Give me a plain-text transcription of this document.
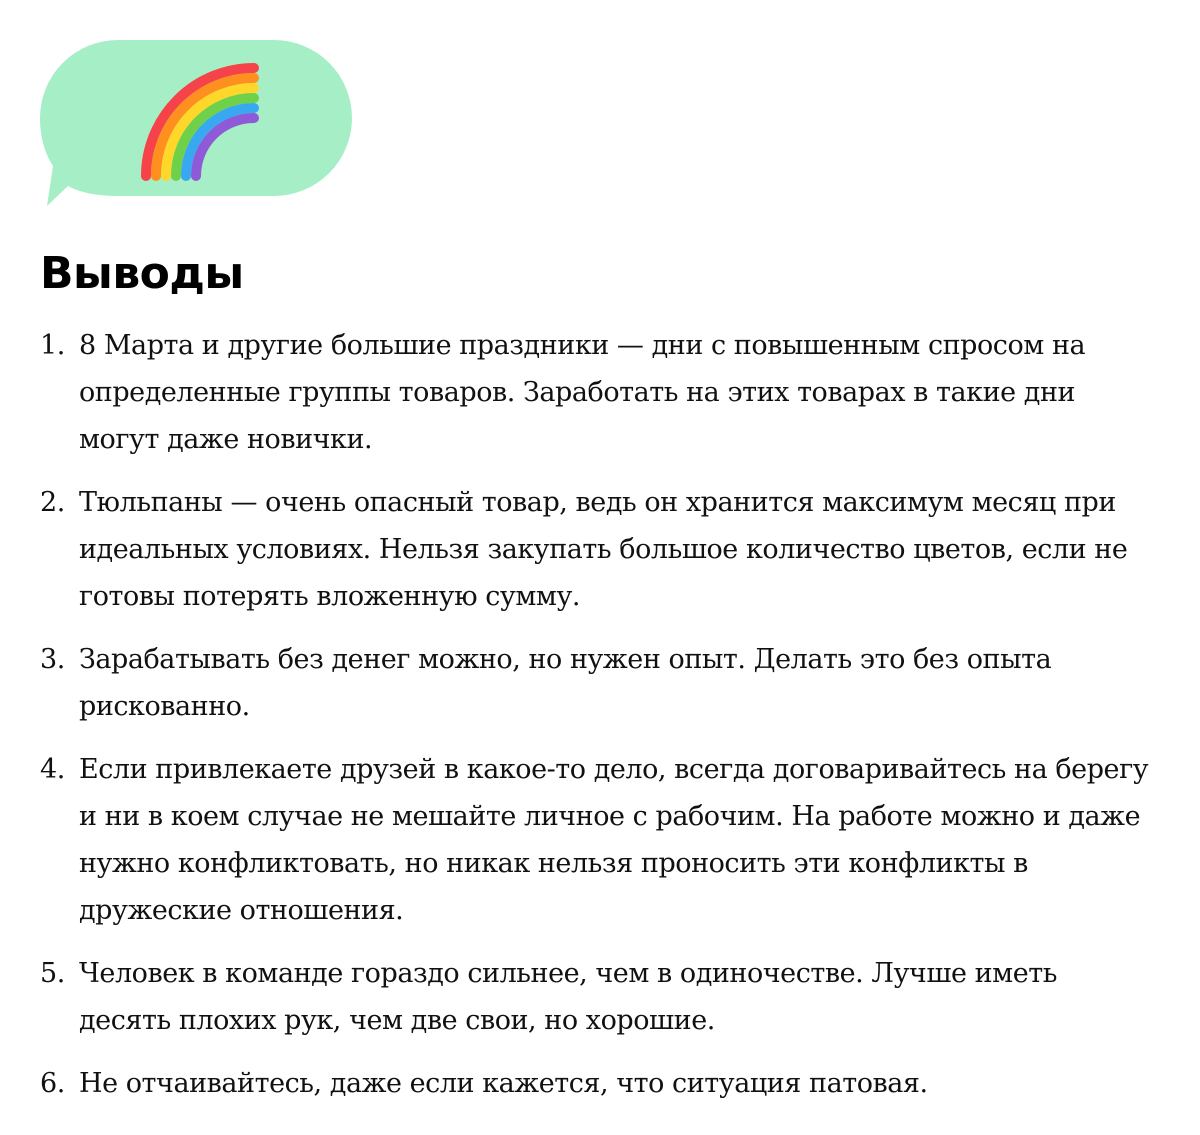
Выводы
1. 8 Марта и другие большие праздники — дни с повышенным спросом на определенные группы товаров. Заработать на этих товарах в такие дни могут даже новички.
2. Тюльпаны — очень опасный товар, ведь он хранится максимум месяц при идеальных условиях. Нельзя закупать большое количество цветов, если не готовы потерять вложенную сумму.
3. Зарабатывать без денег можно, но нужен опыт. Делать это без опыта рискованно.
4. Если привлекаете друзей в какое-то дело, всегда договаривайтесь на берегу и ни в коем случае не мешайте личное с рабочим. На работе можно и даже нужно конфликтовать, но никак нельзя проносить эти конфликты в дружеские отношения.
5. Человек в команде гораздо сильнее, чем в одиночестве. Лучше иметь десять плохих рук, чем две свои, но хорошие.
6. Не отчаивайтесь, даже если кажется, что ситуация патовая.
